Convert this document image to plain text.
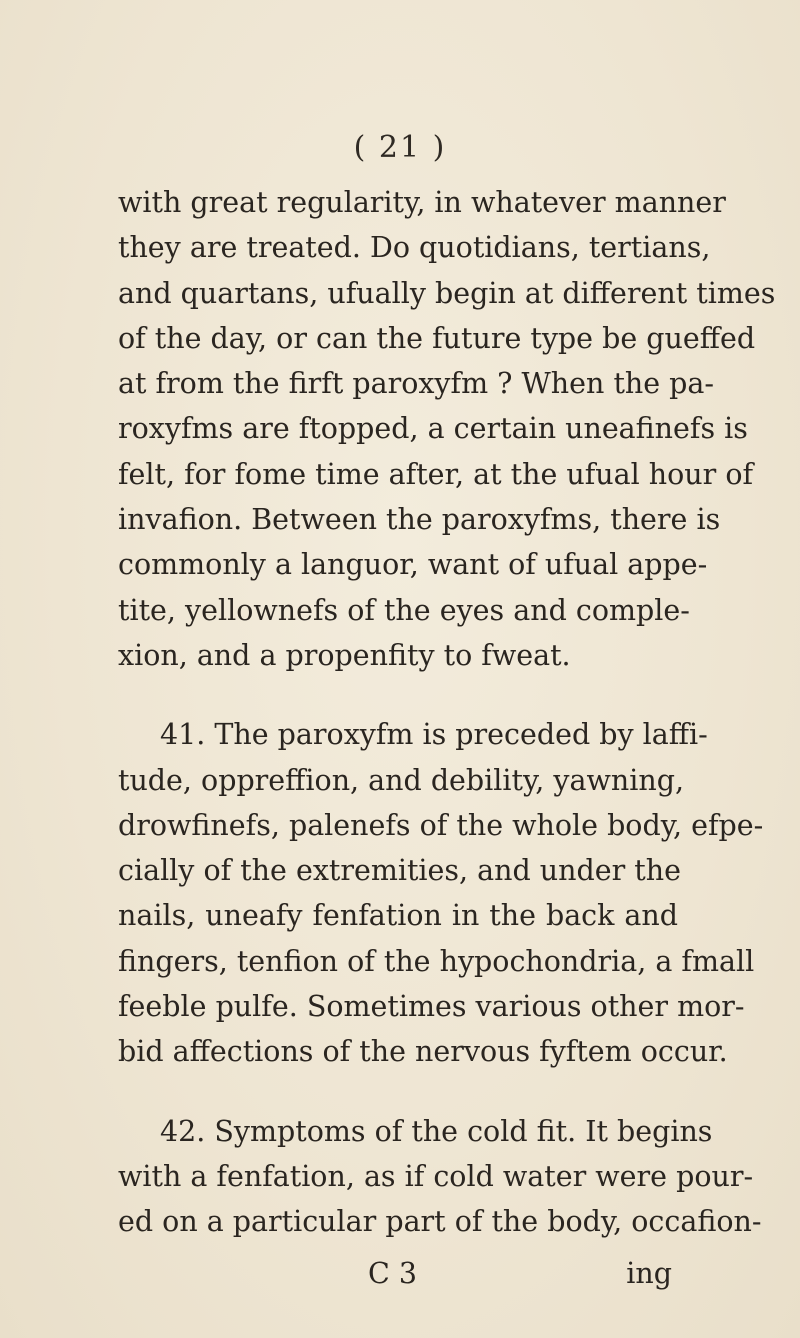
( 21 )
with great regularity, in whatever manner
they are treated. Do quotidians, tertians,
and quartans, ufually begin at different times
of the day, or can the future type be gueffed
at from the firft paroxyfm ? When the pa-
roxyfms are ftopped, a certain uneafinefs is
felt, for fome time after, at the ufual hour of
invafion. Between the paroxyfms, there is
commonly a languor, want of ufual appe-
tite, yellownefs of the eyes and comple-
xion, and a propenfity to fweat.
41. The paroxyfm is preceded by laffi-
tude, oppreffion, and debility, yawning,
drowfinefs, palenefs of the whole body, efpe-
cially of the extremities, and under the
nails, uneafy fenfation in the back and
fingers, tenfion of the hypochondria, a fmall
feeble pulfe. Sometimes various other mor-
bid affections of the nervous fyftem occur.
42. Symptoms of the cold fit. It begins
with a fenfation, as if cold water were pour-
ed on a particular part of the body, occafion-
C 3	ing
